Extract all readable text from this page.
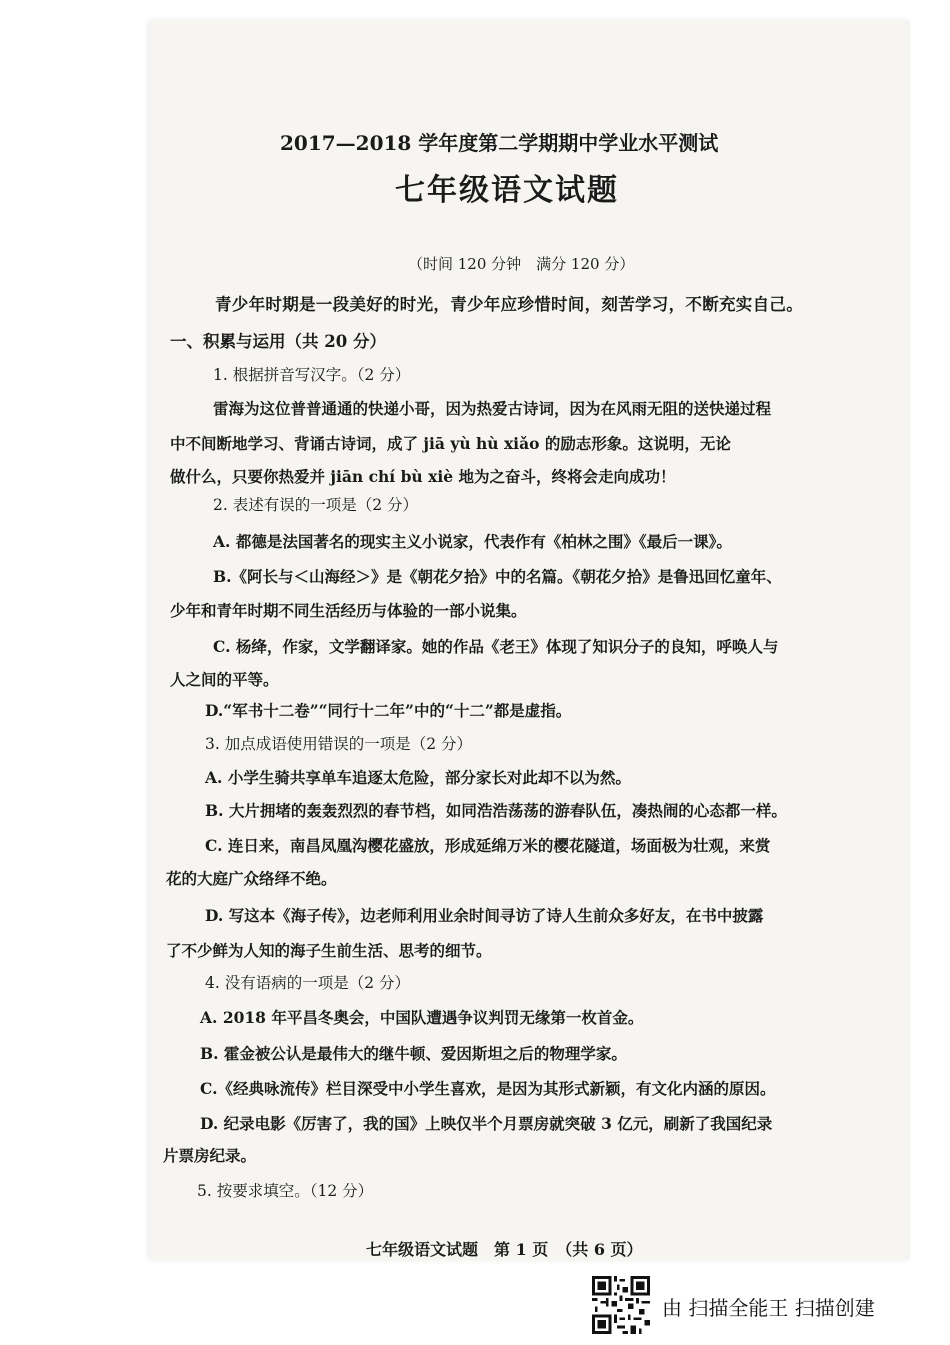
2017—2018 学年度第二学期期中学业水平测试
七年级语文试题
（时间 120 分钟　满分 120 分）
青少年时期是一段美好的时光，青少年应珍惜时间，刻苦学习，不断充实自己。
一、积累与运用（共 20 分）
1. 根据拼音写汉字。（2 分）
雷海为这位普普通通的快递小哥，因为热爱古诗词，因为在风雨无阻的送快递过程
中不间断地学习、背诵古诗词，成了 jiā yù hù xiǎo 的励志形象。这说明，无论
做什么，只要你热爱并 jiān chí bù xiè 地为之奋斗，终将会走向成功！
2. 表述有误的一项是（2 分）
A. 都德是法国著名的现实主义小说家，代表作有《柏林之围》《最后一课》。
B.《阿长与＜山海经＞》是《朝花夕拾》中的名篇。《朝花夕拾》是鲁迅回忆童年、
少年和青年时期不同生活经历与体验的一部小说集。
C. 杨绛，作家，文学翻译家。她的作品《老王》体现了知识分子的良知，呼唤人与
人之间的平等。
D.“军书十二卷”“同行十二年”中的“十二”都是虚指。
3. 加点成语使用错误的一项是（2 分）
A. 小学生骑共享单车追逐太危险，部分家长对此却不以为然。
B. 大片拥堵的轰轰烈烈的春节档，如同浩浩荡荡的游春队伍，凑热闹的心态都一样。
C. 连日来，南昌凤凰沟樱花盛放，形成延绵万米的樱花隧道，场面极为壮观，来赏
花的大庭广众络绎不绝。
D. 写这本《海子传》，边老师利用业余时间寻访了诗人生前众多好友，在书中披露
了不少鲜为人知的海子生前生活、思考的细节。
4. 没有语病的一项是（2 分）
A. 2018 年平昌冬奥会，中国队遭遇争议判罚无缘第一枚首金。
B. 霍金被公认是最伟大的继牛顿、爱因斯坦之后的物理学家。
C.《经典咏流传》栏目深受中小学生喜欢，是因为其形式新颖，有文化内涵的原因。
D. 纪录电影《厉害了，我的国》上映仅半个月票房就突破 3 亿元，刷新了我国纪录
片票房纪录。
5. 按要求填空。（12 分）
七年级语文试题　第 1 页　（共 6 页）
由 扫描全能王 扫描创建
